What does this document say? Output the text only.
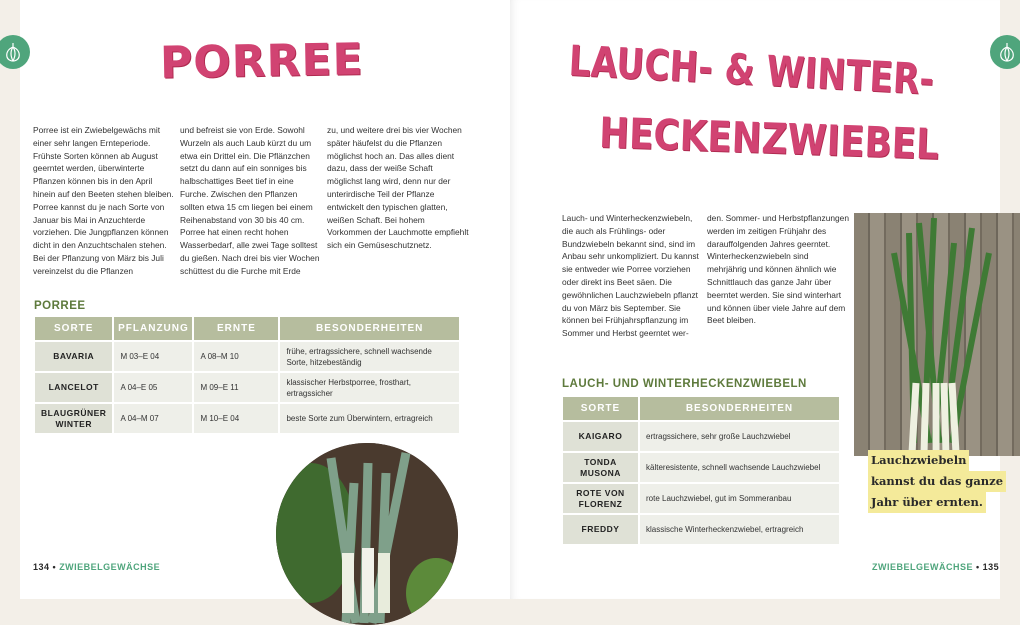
PORREE
Porree ist ein Zwiebelgewächs mit einer sehr langen Ernteperiode. Frühste Sorten können ab August geerntet werden, überwinterte Pflanzen können bis in den April hinein auf den Beeten stehen bleiben. Porree kannst du je nach Sorte von Januar bis Mai in Anzuchterde vorziehen. Die Jungpflanzen können dicht in den Anzuchtschalen stehen. Bei der Pflanzung von März bis Juli vereinzelst du die Pflanzen
und befreist sie von Erde. Sowohl Wurzeln als auch Laub kürzt du um etwa ein Drittel ein. Die Pflänzchen setzt du dann auf ein sonniges bis halbschattiges Beet tief in eine Furche. Zwischen den Pflanzen sollten etwa 15 cm liegen bei einem Reihenabstand von 30 bis 40 cm. Porree hat einen recht hohen Wasserbedarf, alle zwei Tage solltest du gießen. Nach drei bis vier Wochen schüttest du die Furche mit Erde
zu, und weitere drei bis vier Wochen später häufelst du die Pflanzen möglichst hoch an. Das alles dient dazu, dass der weiße Schaft möglichst lang wird, denn nur der unterirdische Teil der Pflanze entwickelt den typischen glatten, weißen Schaft. Bei hohem Vorkommen der Lauchmotte empfiehlt sich ein Gemüseschutznetz.
PORREE
SORTE	PFLANZUNG	ERNTE	BESONDERHEITEN
BAVARIA	M 03–E 04	A 08–M 10	frühe, ertragssichere, schnell wachsende Sorte, hitzebeständig
LANCELOT	A 04–E 05	M 09–E 11	klassischer Herbstporree, frosthart, ertragssicher
BLAUGRÜNER WINTER	A 04–M 07	M 10–E 04	beste Sorte zum Überwintern, ertragreich
134 • ZWIEBELGEWÄCHSE
LAUCH- & WINTER-
HECKENZWIEBEL
Lauch- und Winterheckenzwiebeln, die auch als Frühlings- oder Bundzwiebeln bekannt sind, sind im Anbau sehr unkompliziert. Du kannst sie entweder wie Porree vorziehen oder direkt ins Beet säen. Die gewöhnlichen Lauchzwiebeln pflanzt du von März bis September. Sie können bei Frühjahrspflanzung im Sommer und Herbst geerntet wer-
den. Sommer- und Herbstpflanzungen werden im zeitigen Frühjahr des darauffolgenden Jahres geerntet. Winterheckenzwiebeln sind mehrjährig und können ähnlich wie Schnittlauch das ganze Jahr über beerntet werden. Sie sind winterhart und können über viele Jahre auf dem Beet bleiben.
Lauchzwiebeln
kannst du das ganze
Jahr über ernten.
LAUCH- UND WINTERHECKENZWIEBELN
SORTE	BESONDERHEITEN
KAIGARO	ertragssichere, sehr große Lauchzwiebel
TONDA MUSONA	kälteresistente, schnell wachsende Lauchzwiebel
ROTE VON FLORENZ	rote Lauchzwiebel, gut im Sommeranbau
FREDDY	klassische Winterheckenzwiebel, ertragreich
ZWIEBELGEWÄCHSE • 135
